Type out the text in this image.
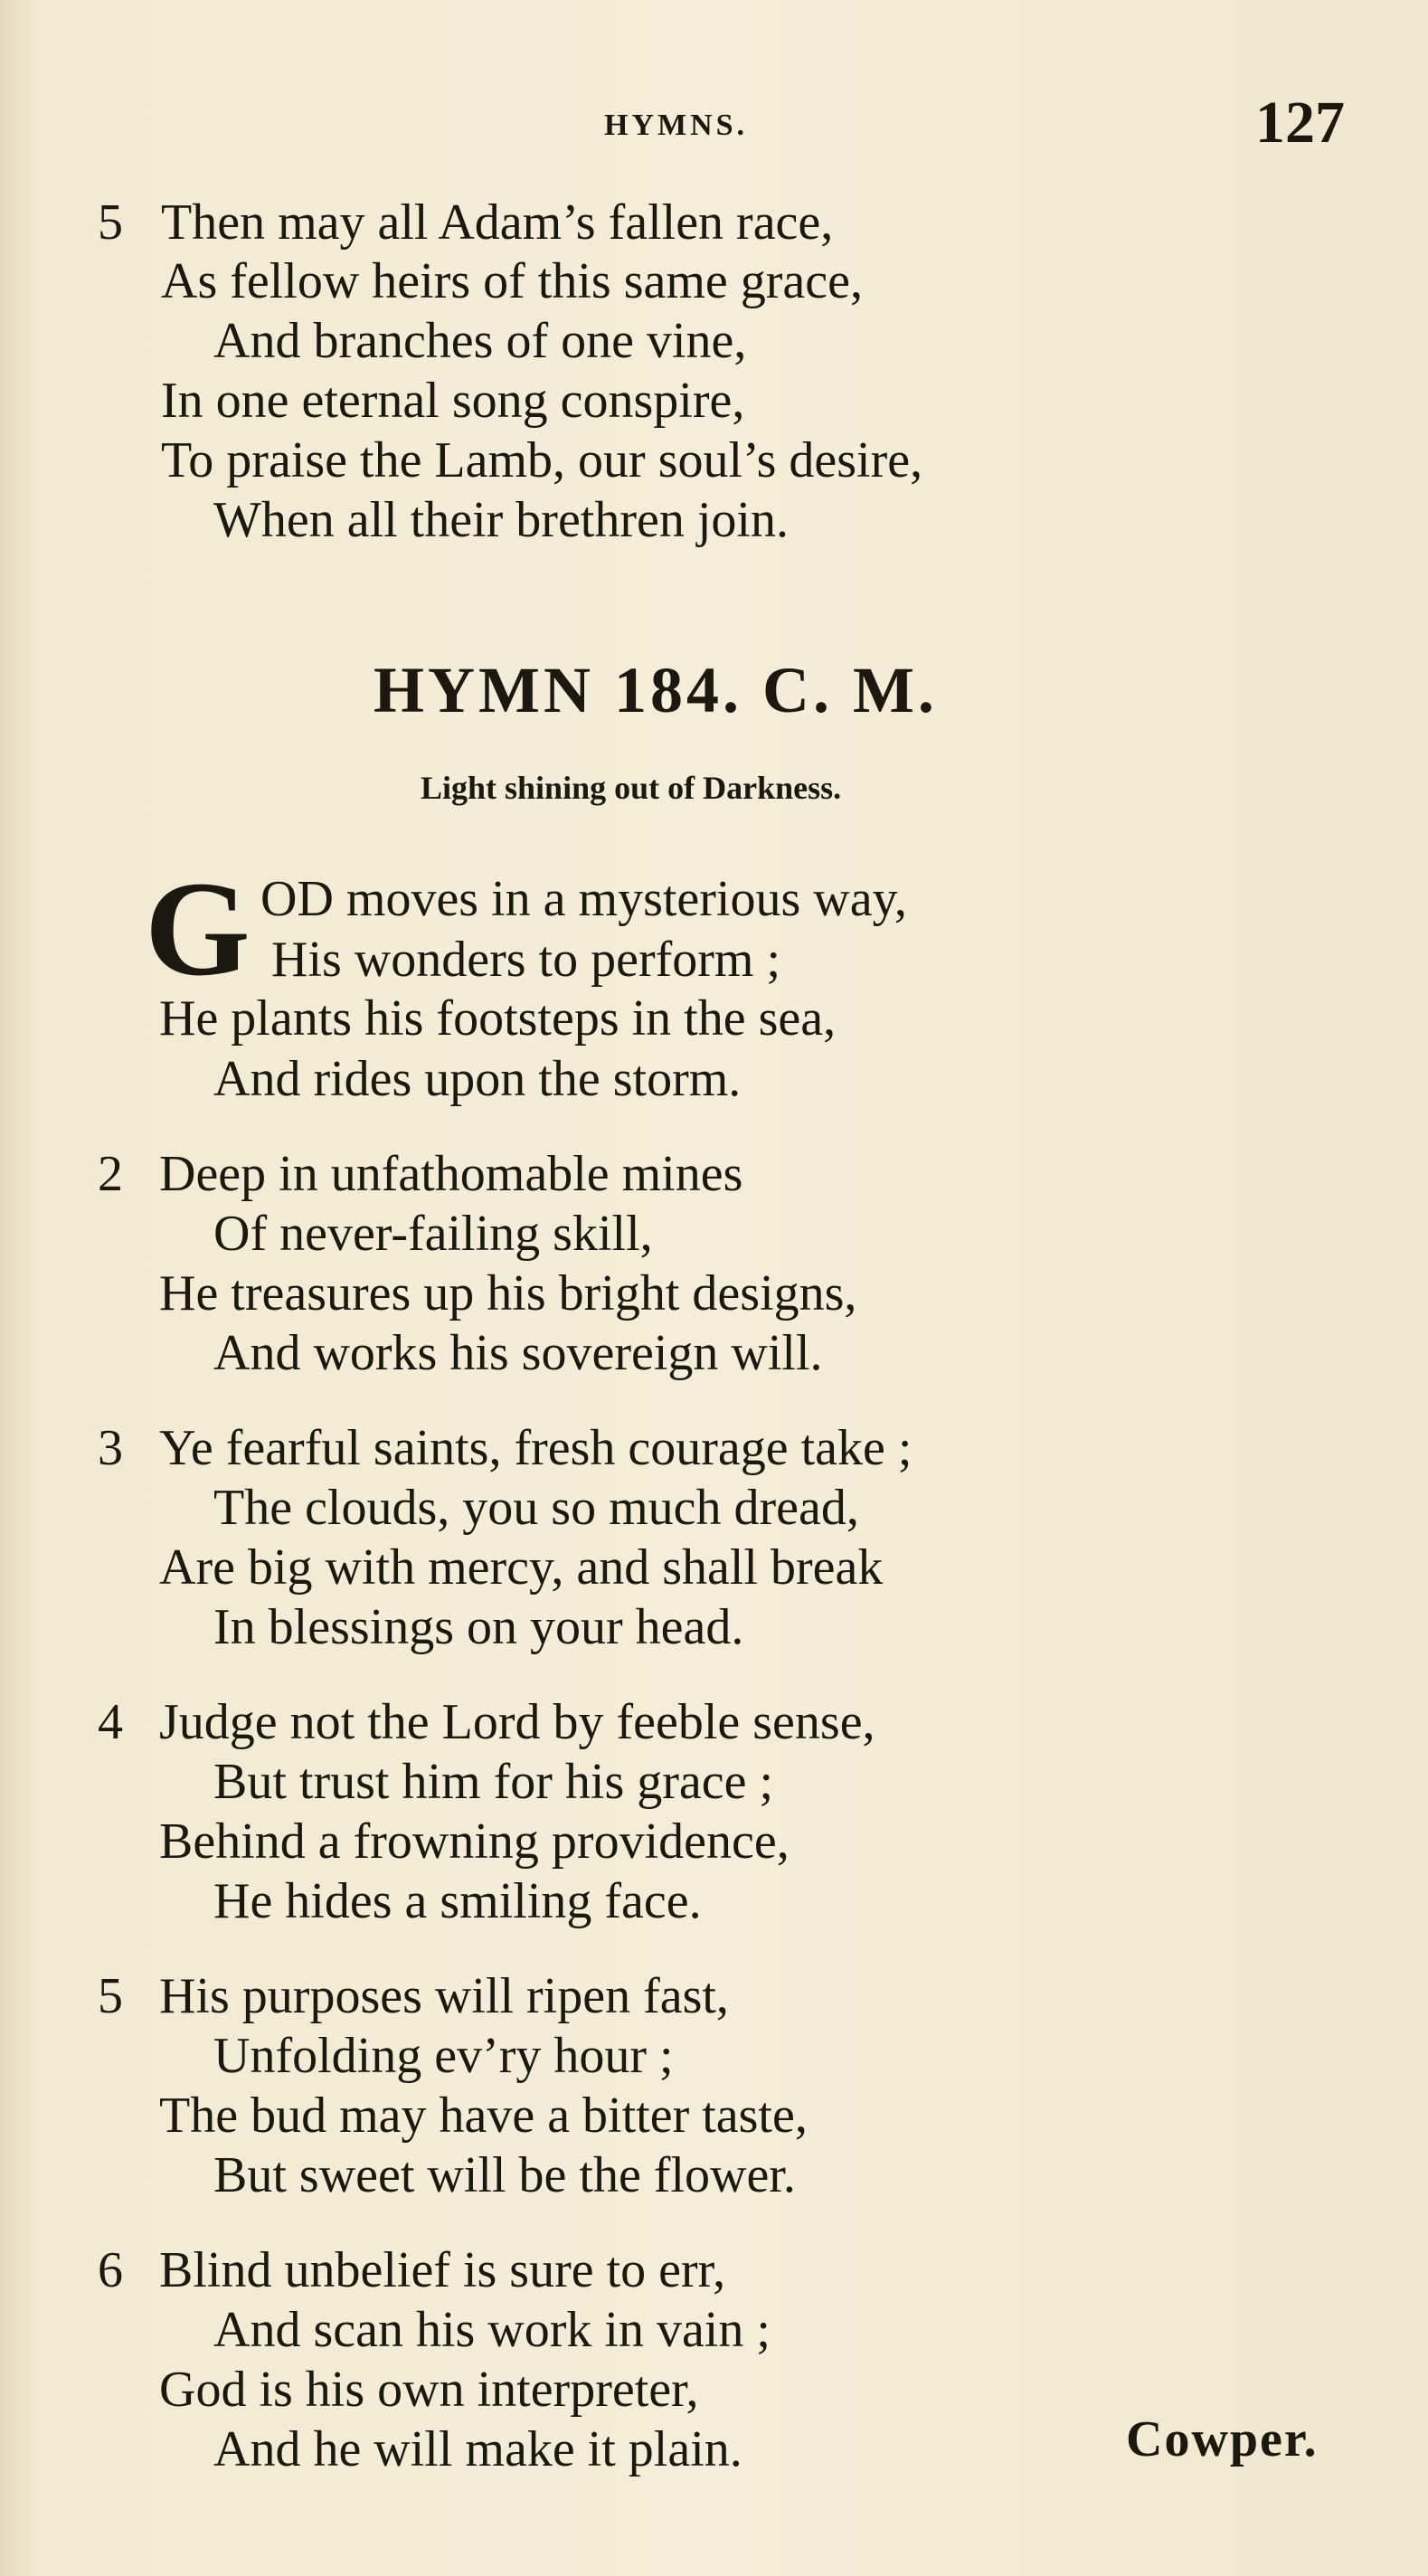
HYMNS.	127
5 Then may all Adam’s fallen race,
As fellow heirs of this same grace,
And branches of one vine,
In one eternal song conspire,
To praise the Lamb, our soul’s desire,
When all their brethren join.
HYMN 184. C. M.
Light shining out of Darkness.
G OD moves in a mysterious way,
His wonders to perform ;
He plants his footsteps in the sea,
And rides upon the storm.
2 Deep in unfathomable mines
Of never-failing skill,
He treasures up his bright designs,
And works his sovereign will.
3 Ye fearful saints, fresh courage take ;
The clouds, you so much dread,
Are big with mercy, and shall break
In blessings on your head.
4 Judge not the Lord by feeble sense,
But trust him for his grace ;
Behind a frowning providence,
He hides a smiling face.
5 His purposes will ripen fast,
Unfolding ev’ry hour ;
The bud may have a bitter taste,
But sweet will be the flower.
6 Blind unbelief is sure to err,
And scan his work in vain ;
God is his own interpreter,
And he will make it plain.	Cowper.
